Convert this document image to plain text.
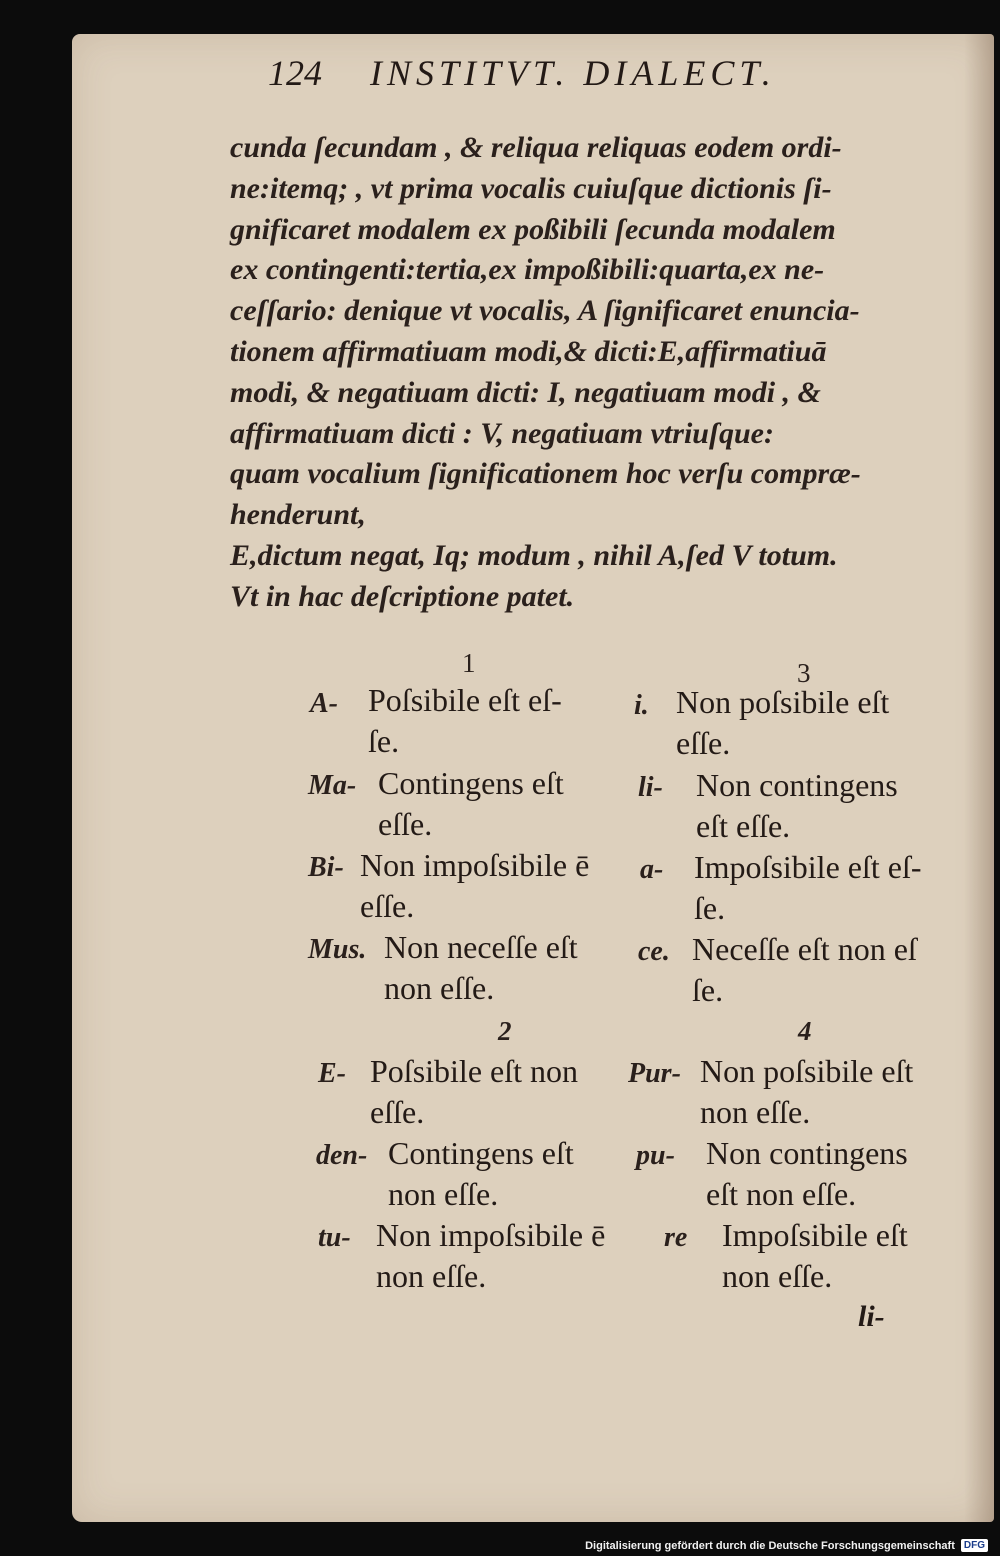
124 INSTITVT. DIALECT.
cunda ſecundam , & reliqua reliquas eodem ordi-
ne:itemq; , vt prima vocalis cuiuſque dictionis ſi-
gnificaret modalem ex poßibili ſecunda modalem
ex contingenti:tertia,ex impoßibili:quarta,ex ne-
ceſſario: denique vt vocalis, A ſignificaret enuncia-
tionem affirmatiuam modi,& dicti:E,affirmatiuā
modi, & negatiuam dicti: I, negatiuam modi , &
affirmatiuam dicti : V, negatiuam vtriuſque:
quam vocalium ſignificationem hoc verſu compræ-
henderunt,
E,dictum negat, Iq; modum , nihil A,ſed V totum.
Vt in hac deſcriptione patet.
1	3
2	4
A- Poſsibile eſt eſ-
ſe.
Ma- Contingens eſt
eſſe.
Bi- Non impoſsibile ē
eſſe.
Mus. Non neceſſe eſt
non eſſe.
i. Non poſsibile eſt
eſſe.
li- Non contingens
eſt eſſe.
a- Impoſsibile eſt eſ-
ſe.
ce. Neceſſe eſt non eſ
ſe.
E- Poſsibile eſt non
eſſe.
den- Contingens eſt
non eſſe.
tu- Non impoſsibile ē
non eſſe.
Pur- Non poſsibile eſt
non eſſe.
pu- Non contingens
eſt non eſſe.
re Impoſsibile eſt
non eſſe.
li-
Digitalisierung gefördert durch die Deutsche Forschungsgemeinschaft DFG
